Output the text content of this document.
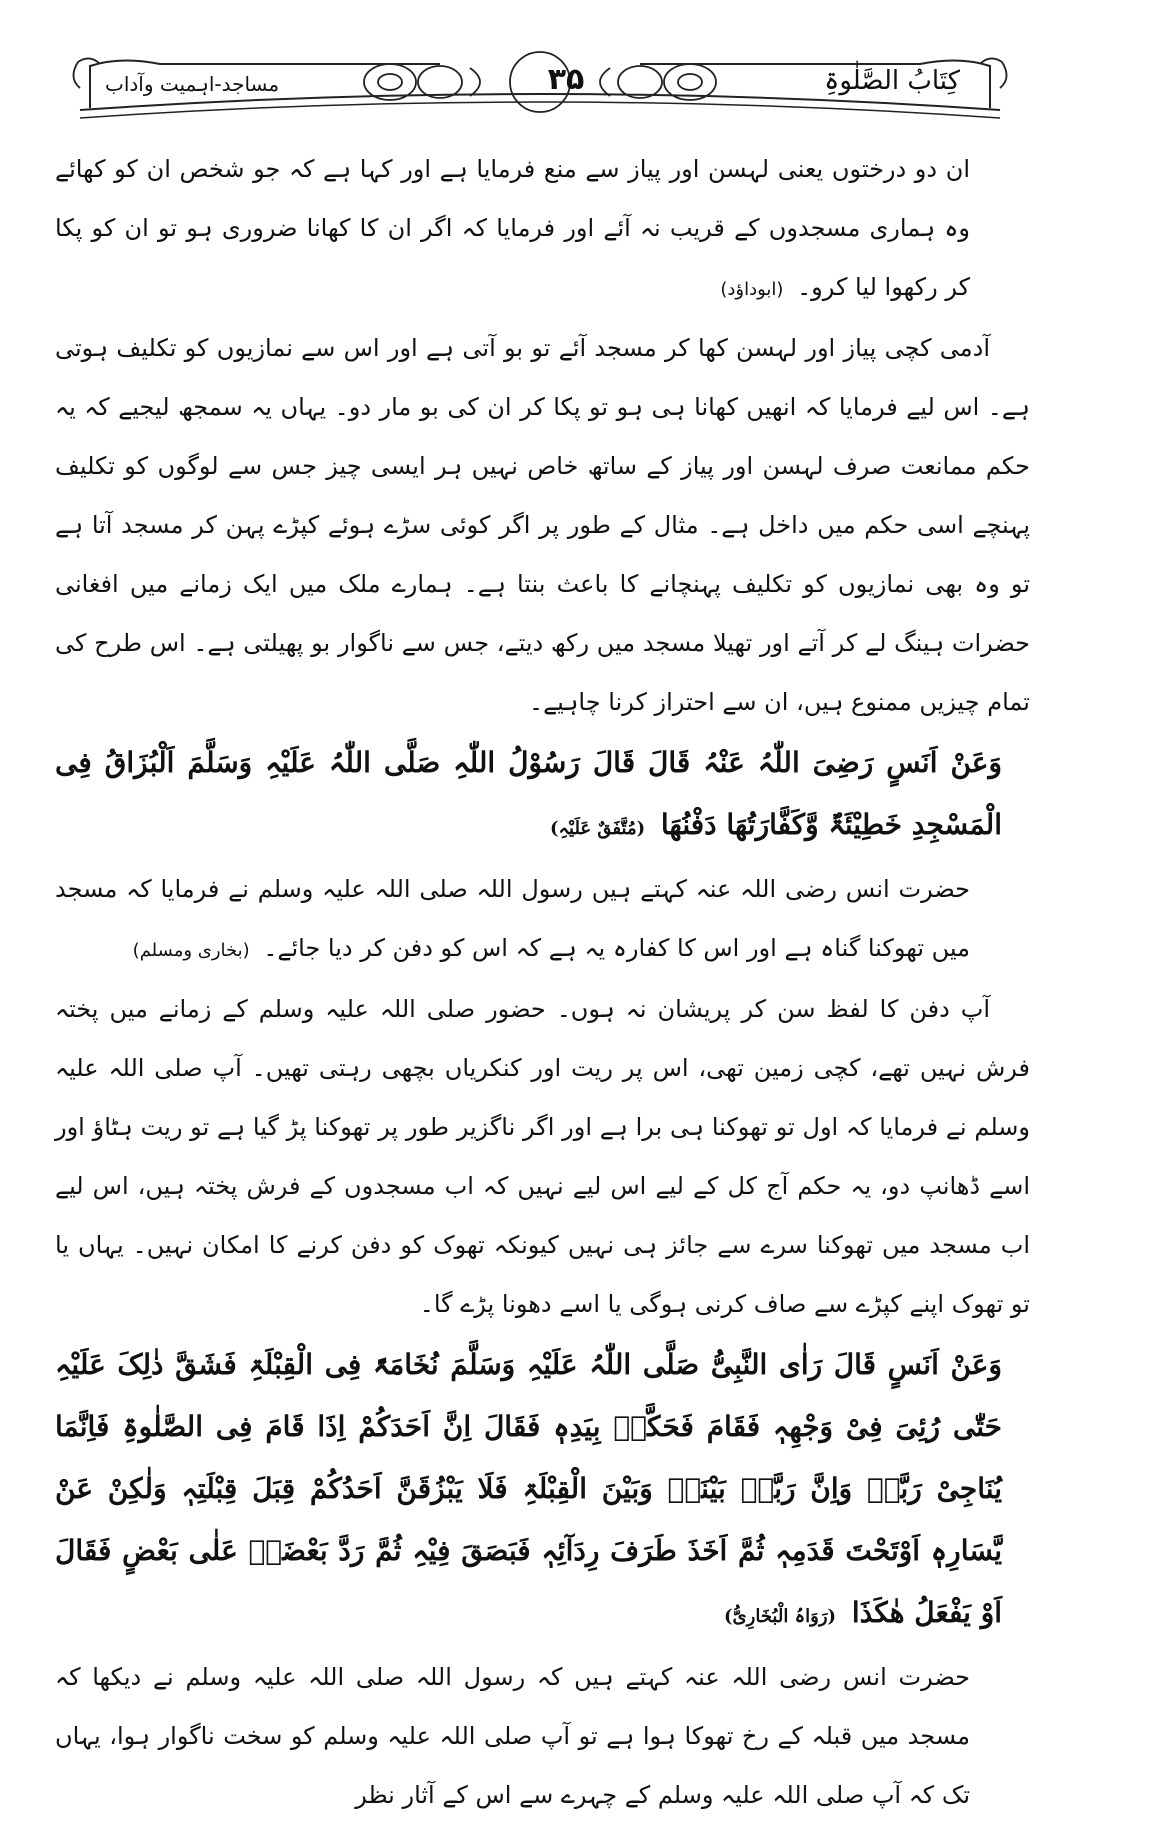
کِتَابُ الصَّلٰوۃِ
۳۵
مساجد-اہمیت وآداب

ان دو درختوں یعنی لہسن اور پیاز سے منع فرمایا ہے اور کہا ہے کہ جو شخص ان کو کھائے وہ ہماری مسجدوں کے قریب نہ آئے اور فرمایا کہ اگر ان کا کھانا ضروری ہو تو ان کو پکا کر رکھوا لیا کرو۔ (ابوداؤد)

آدمی کچی پیاز اور لہسن کھا کر مسجد آئے تو بو آتی ہے اور اس سے نمازیوں کو تکلیف ہوتی ہے۔ اس لیے فرمایا کہ انھیں کھانا ہی ہو تو پکا کر ان کی بو مار دو۔ یہاں یہ سمجھ لیجیے کہ یہ حکم ممانعت صرف لہسن اور پیاز کے ساتھ خاص نہیں ہر ایسی چیز جس سے لوگوں کو تکلیف پہنچے اسی حکم میں داخل ہے۔ مثال کے طور پر اگر کوئی سڑے ہوئے کپڑے پہن کر مسجد آتا ہے تو وہ بھی نمازیوں کو تکلیف پہنچانے کا باعث بنتا ہے۔ ہمارے ملک میں ایک زمانے میں افغانی حضرات ہینگ لے کر آتے اور تھیلا مسجد میں رکھ دیتے، جس سے ناگوار بو پھیلتی ہے۔ اس طرح کی تمام چیزیں ممنوع ہیں، ان سے احتراز کرنا چاہیے۔

وَعَنْ اَنَسٍ رَضِیَ اللّٰہُ عَنْہُ قَالَ قَالَ رَسُوْلُ اللّٰہِ صَلَّی اللّٰہُ عَلَیْہِ وَسَلَّمَ اَلْبُزَاقُ فِی الْمَسْجِدِ خَطِیْئَۃٌ وَّکَفَّارَتُھَا دَفْنُھَا (مُتَّفَقٌ عَلَیْہِ)

حضرت انس رضی اللہ عنہ کہتے ہیں رسول اللہ صلی اللہ علیہ وسلم نے فرمایا کہ مسجد میں تھوکنا گناہ ہے اور اس کا کفارہ یہ ہے کہ اس کو دفن کر دیا جائے۔ (بخاری ومسلم)

آپ دفن کا لفظ سن کر پریشان نہ ہوں۔ حضور صلی اللہ علیہ وسلم کے زمانے میں پختہ فرش نہیں تھے، کچی زمین تھی، اس پر ریت اور کنکریاں بچھی رہتی تھیں۔ آپ صلی اللہ علیہ وسلم نے فرمایا کہ اول تو تھوکنا ہی برا ہے اور اگر ناگزیر طور پر تھوکنا پڑ گیا ہے تو ریت ہٹاؤ اور اسے ڈھانپ دو، یہ حکم آج کل کے لیے اس لیے نہیں کہ اب مسجدوں کے فرش پختہ ہیں، اس لیے اب مسجد میں تھوکنا سرے سے جائز ہی نہیں کیونکہ تھوک کو دفن کرنے کا امکان نہیں۔ یہاں یا تو تھوک اپنے کپڑے سے صاف کرنی ہوگی یا اسے دھونا پڑے گا۔

وَعَنْ اَنَسٍ قَالَ رَاٰی النَّبِیُّ صَلَّی اللّٰہُ عَلَیْہِ وَسَلَّمَ نُخَامَۃً فِی الْقِبْلَۃِ فَشَقَّ ذٰلِکَ عَلَیْہِ حَتّٰی رُئِیَ فِیْ وَجْھِہٖ فَقَامَ فَحَکَّہٗ بِیَدِہٖ فَقَالَ اِنَّ اَحَدَکُمْ اِذَا قَامَ فِی الصَّلٰوۃِ فَاِنَّمَا یُنَاجِیْ رَبَّہٗ وَاِنَّ رَبَّہٗ بَیْنَہٗ وَبَیْنَ الْقِبْلَۃِ فَلَا یَبْزُقَنَّ اَحَدُکُمْ قِبَلَ قِبْلَتِہٖ وَلٰکِنْ عَنْ یَّسَارِہٖ اَوْتَحْتَ قَدَمِہٖ ثُمَّ اَخَذَ طَرَفَ رِدَآئِہٖ فَبَصَقَ فِیْہِ ثُمَّ رَدَّ بَعْضَہٗ عَلٰی بَعْضٍ فَقَالَ اَوْ یَفْعَلُ ھٰکَذَا (رَوَاہُ الْبُخَارِیُّ)

حضرت انس رضی اللہ عنہ کہتے ہیں کہ رسول اللہ صلی اللہ علیہ وسلم نے دیکھا کہ مسجد میں قبلہ کے رخ تھوکا ہوا ہے تو آپ صلی اللہ علیہ وسلم کو سخت ناگوار ہوا، یہاں تک کہ آپ صلی اللہ علیہ وسلم کے چہرے سے اس کے آثار نظر
